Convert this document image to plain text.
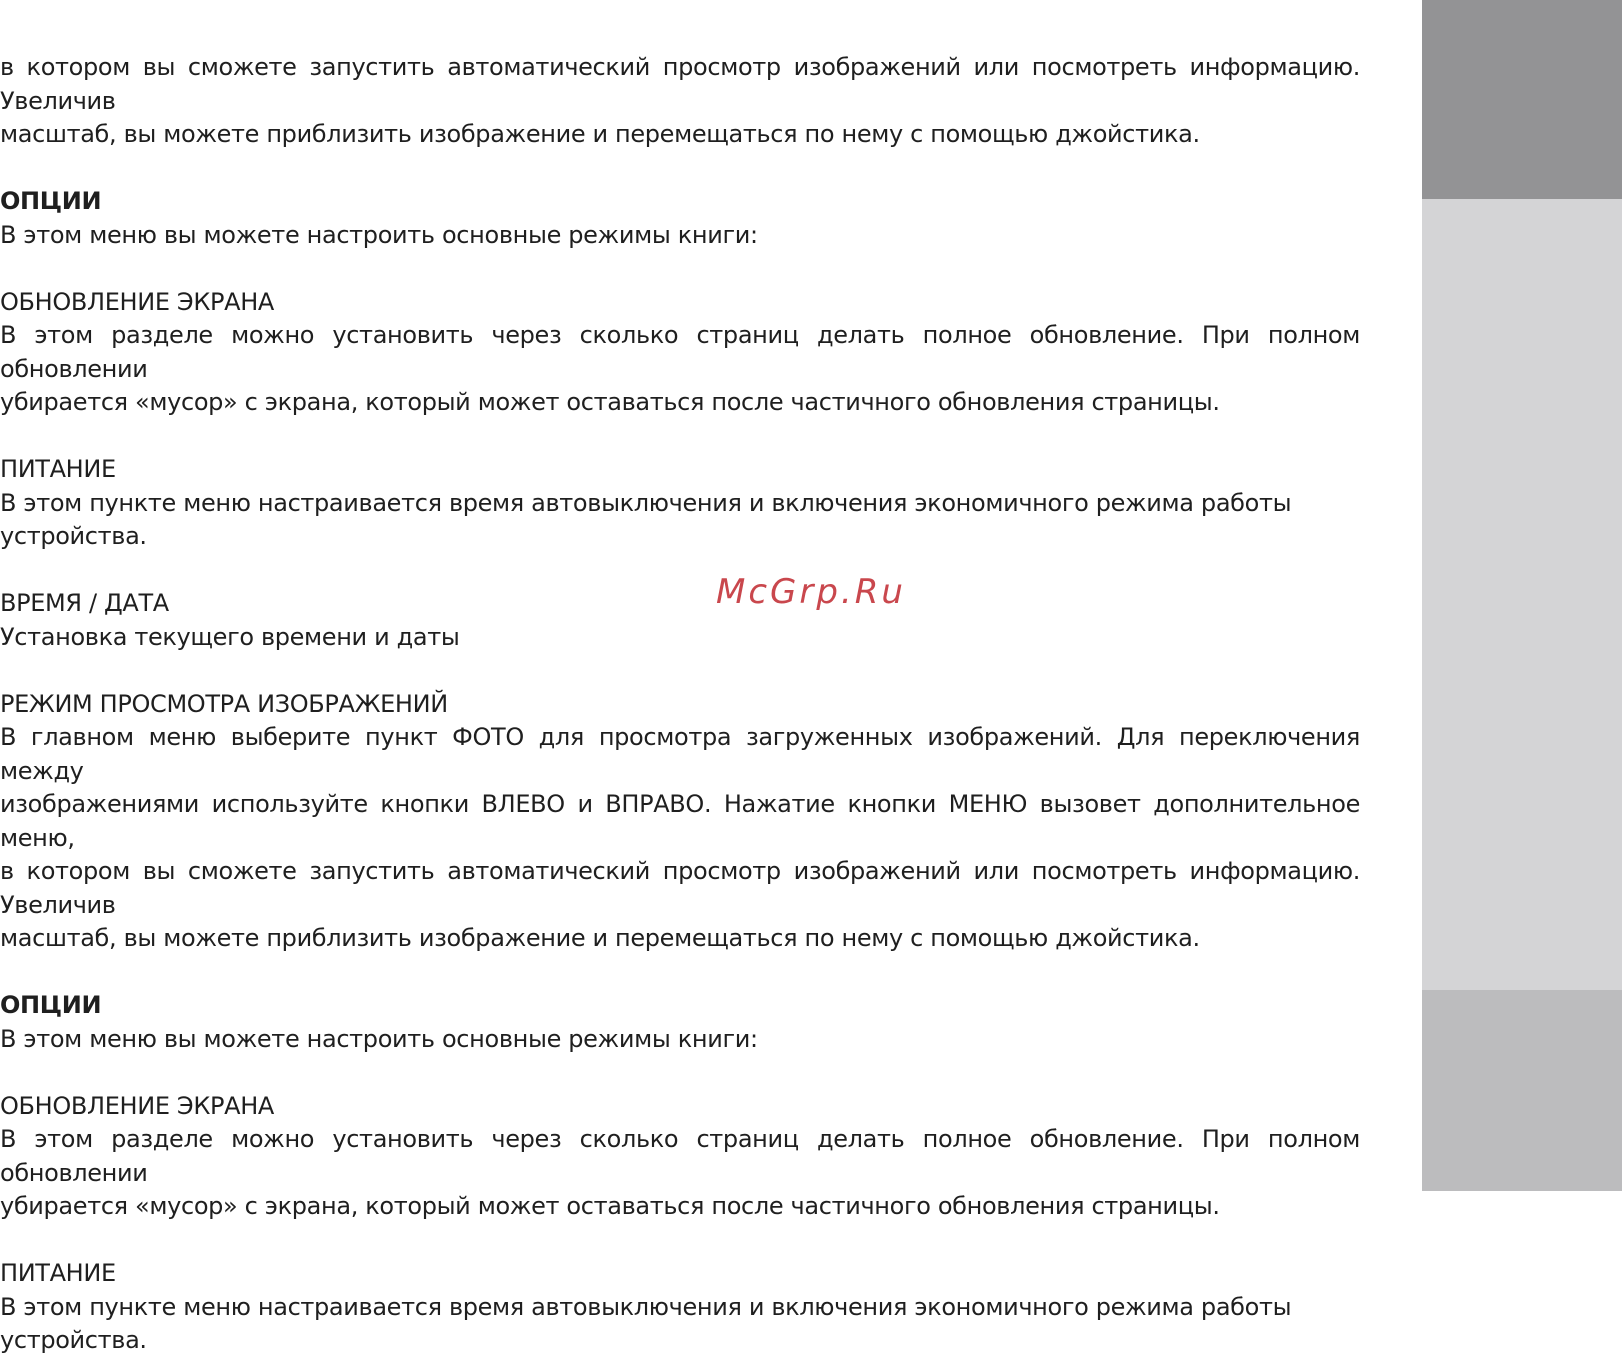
в котором вы сможете запустить автоматический просмотр изображений или посмотреть информацию. Увеличив

масштаб, вы можете приблизить изображение и перемещаться по нему с помощью джойстика.

ОПЦИИ

В этом меню вы можете настроить основные режимы книги:

ОБНОВЛЕНИЕ ЭКРАНА

В этом разделе можно установить через сколько страниц делать полное обновление. При полном обновлении

убирается «мусор» с экрана, который может оставаться после частичного обновления страницы.

ПИТАНИЕ

В этом пункте меню настраивается время автовыключения и включения экономичного режима работы устройства.

ВРЕМЯ / ДАТА

Установка текущего времени и даты

РЕЖИМ ПРОСМОТРА ИЗОБРАЖЕНИЙ

В главном меню выберите пункт ФОТО для просмотра загруженных изображений. Для переключения между

изображениями используйте кнопки ВЛЕВО и ВПРАВО. Нажатие кнопки МЕНЮ вызовет дополнительное меню,

в котором вы сможете запустить автоматический просмотр изображений или посмотреть информацию. Увеличив

масштаб, вы можете приблизить изображение и перемещаться по нему с помощью джойстика.

ОПЦИИ

В этом меню вы можете настроить основные режимы книги:

ОБНОВЛЕНИЕ ЭКРАНА

В этом разделе можно установить через сколько страниц делать полное обновление. При полном обновлении

убирается «мусор» с экрана, который может оставаться после частичного обновления страницы.

ПИТАНИЕ

В этом пункте меню настраивается время автовыключения и включения экономичного режима работы устройства.

McGrp.Ru
